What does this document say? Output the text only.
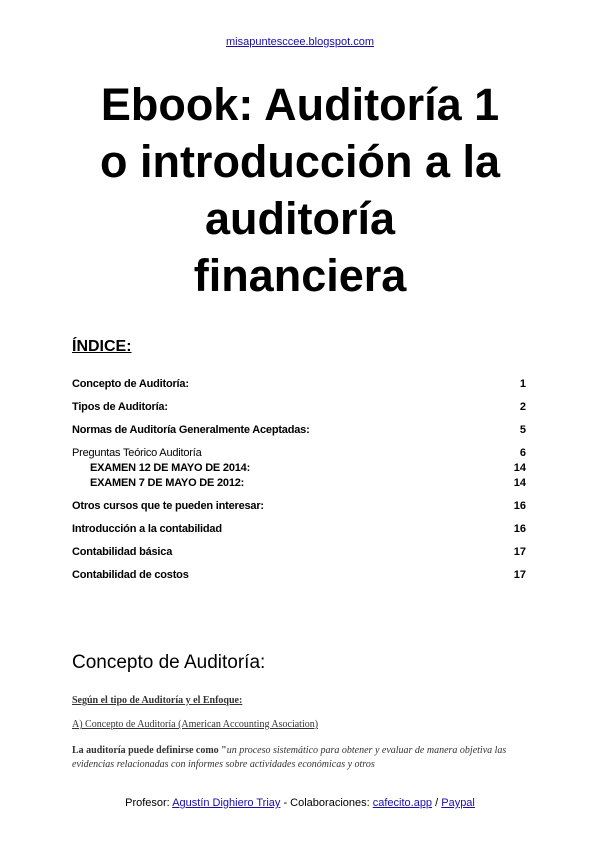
misapuntesccee.blogspot.com
Ebook: Auditoría 1
o introducción a la
auditoría
financiera
ÍNDICE:
Concepto de Auditoría:	1
Tipos de Auditoría:	2
Normas de Auditoría Generalmente Aceptadas:	5
Preguntas Teórico Auditoría	6
EXAMEN 12 DE MAYO DE 2014:	14
EXAMEN 7 DE MAYO DE 2012:	14
Otros cursos que te pueden interesar:	16
Introducción a la contabilidad	16
Contabilidad básica	17
Contabilidad de costos	17
Concepto de Auditoría:
Según el tipo de Auditoría y el Enfoque:
A) Concepto de Auditoría (American Accounting Asociation)
La auditoría puede definirse como "un proceso sistemático para obtener y evaluar de manera objetiva las evidencias relacionadas con informes sobre actividades económicas y otros
Profesor: Agustín Dighiero Triay - Colaboraciones: cafecito.app / Paypal
